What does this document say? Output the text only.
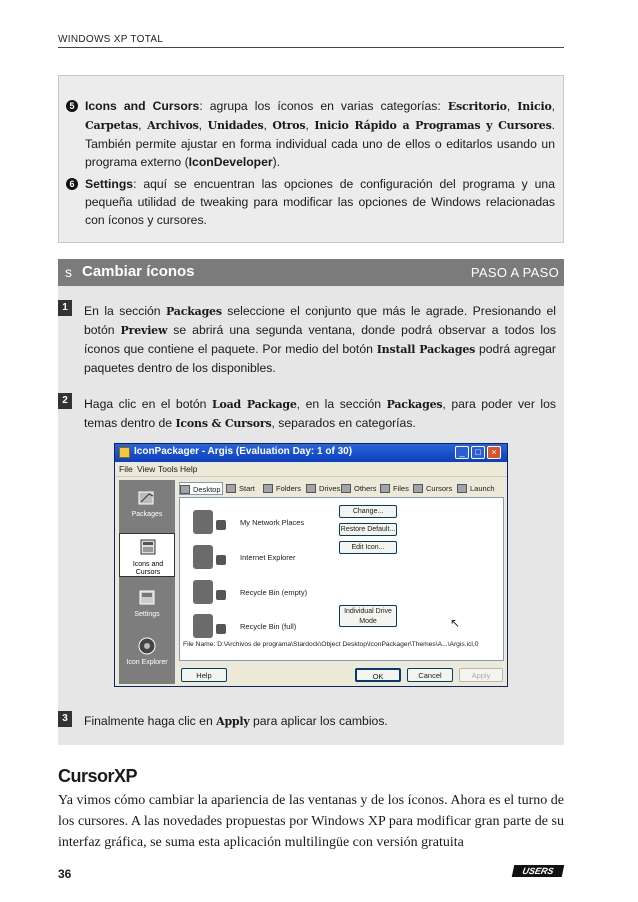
WINDOWS XP TOTAL
5 Icons and Cursors: agrupa los íconos en varias categorías: Escritorio, Inicio, Carpetas, Archivos, Unidades, Otros, Inicio Rápido a Programas y Cursores. También permite ajustar en forma individual cada uno de ellos o editarlos usando un programa externo (IconDeveloper).
6 Settings: aquí se encuentran las opciones de configuración del programa y una pequeña utilidad de tweaking para modificar las opciones de Windows relacionadas con íconos y cursores.
s Cambiar íconos	PASO A PASO
1	En la sección Packages seleccione el conjunto que más le agrade. Presionando el botón Preview se abrirá una segunda ventana, donde podrá observar a todos los íconos que contiene el paquete. Por medio del botón Install Packages podrá agregar paquetes dentro de los disponibles.
2	Haga clic en el botón Load Package, en la sección Packages, para poder ver los temas dentro de Icons & Cursors, separados en categorías.
IconPackager - Argis (Evaluation Day: 1 of 30)	_	□	×
File View Tools Help
Packages
Icons and Cursors
Settings
Icon Explorer
Desktop	Start	Folders	Drives	Others	Files	Cursors	Launch
My Network Places
Internet Explorer
Recycle Bin (empty)
Recycle Bin (full)
Change...
Restore Default...
Edit Icon...
Individual Drive Mode	↖
File Name: D:\Archivos de programa\Stardock\Object Desktop\IconPackager\Themes\A...\Argis.icl,0
Help	OK	Cancel	Apply
3	Finalmente haga clic en Apply para aplicar los cambios.
CursorXP
Ya vimos cómo cambiar la apariencia de las ventanas y de los íconos. Ahora es el turno de los cursores. A las novedades propuestas por Windows XP para modificar gran parte de su interfaz gráfica, se suma esta aplicación multilingüe con versión gratuita
36	USERS
